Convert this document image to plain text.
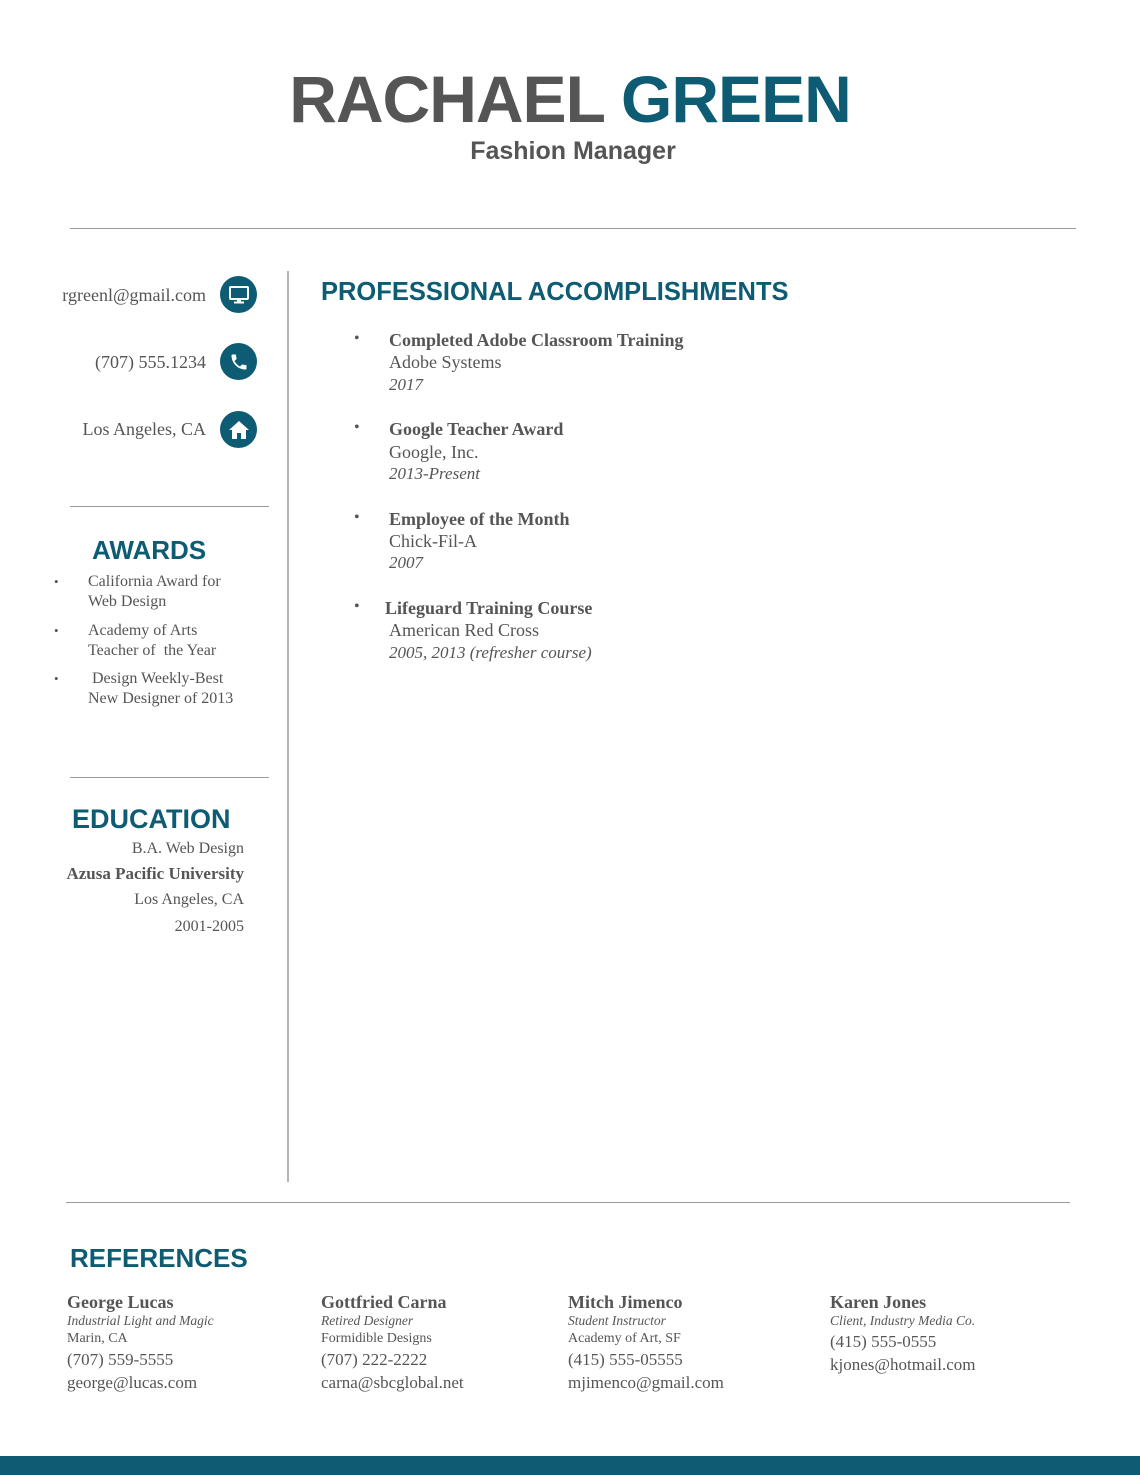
RACHAEL GREEN
Fashion Manager
rgreenl@gmail.com
(707) 555.1234
Los Angeles, CA
AWARDS
• California Award for
Web Design
• Academy of Arts
Teacher of  the Year
• Design Weekly-Best
New Designer of 2013
EDUCATION
B.A. Web Design
Azusa Pacific University
Los Angeles, CA
2001-2005
PROFESSIONAL ACCOMPLISHMENTS
• Completed Adobe Classroom Training
Adobe Systems
2017
• Google Teacher Award
Google, Inc.
2013-Present
• Employee of the Month
Chick-Fil-A
2007
• Lifeguard Training Course
American Red Cross
2005, 2013 (refresher course)
REFERENCES
George Lucas
Industrial Light and Magic
Marin, CA
(707) 559-5555
george@lucas.com
Gottfried Carna
Retired Designer
Formidible Designs
(707) 222-2222
carna@sbcglobal.net
Mitch Jimenco
Student Instructor
Academy of Art, SF
(415) 555-05555
mjimenco@gmail.com
Karen Jones
Client, Industry Media Co.
(415) 555-0555
kjones@hotmail.com
